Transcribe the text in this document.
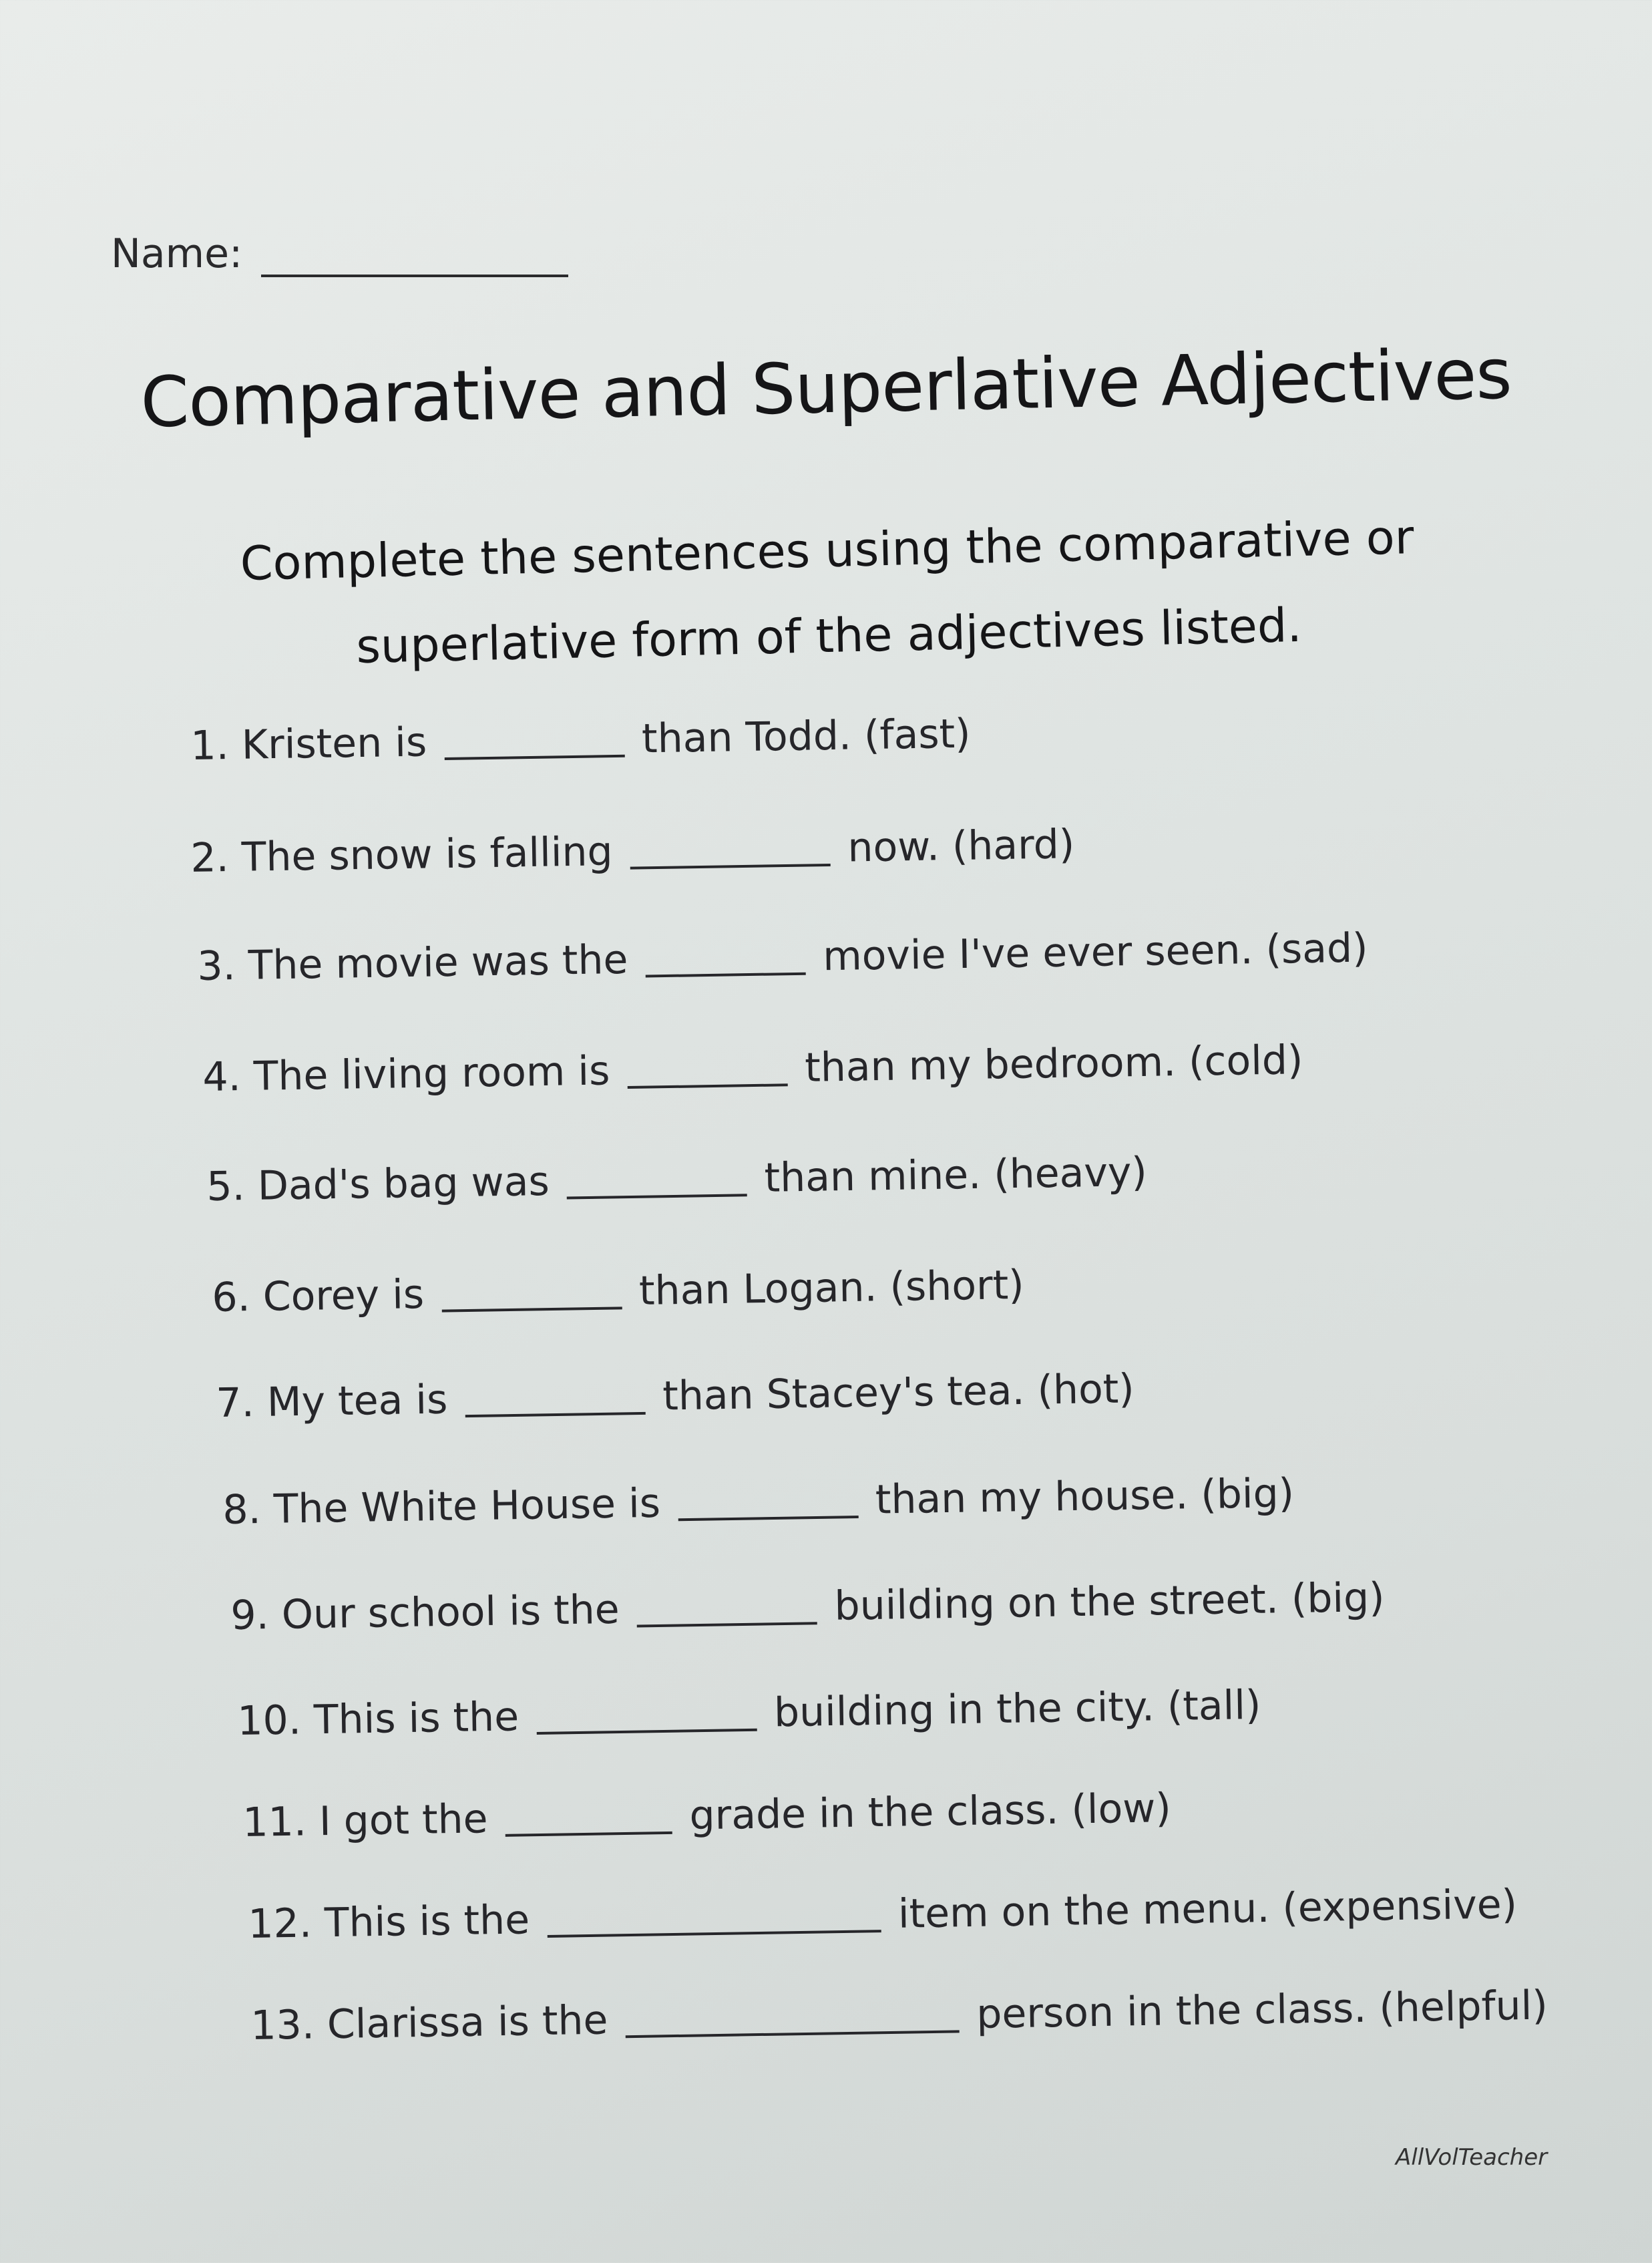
Name:
Comparative and Superlative Adjectives
Complete the sentences using the comparative or superlative form of the adjectives listed.
1.
Kristen is	than Todd. (fast)
2.
The snow is falling	now. (hard)
3.
The movie was the	movie I've ever seen. (sad)
4.
The living room is	than my bedroom. (cold)
5.
Dad's bag was	than mine. (heavy)
6.
Corey is	than Logan. (short)
7.
My tea is	than Stacey's tea. (hot)
8.
The White House is	than my house. (big)
9.
Our school is the	building on the street. (big)
10.
This is the	building in the city. (tall)
11.
I got the	grade in the class. (low)
12.
This is the	item on the menu. (expensive)
13.
Clarissa is the	person in the class. (helpful)
AllVolTeacher
